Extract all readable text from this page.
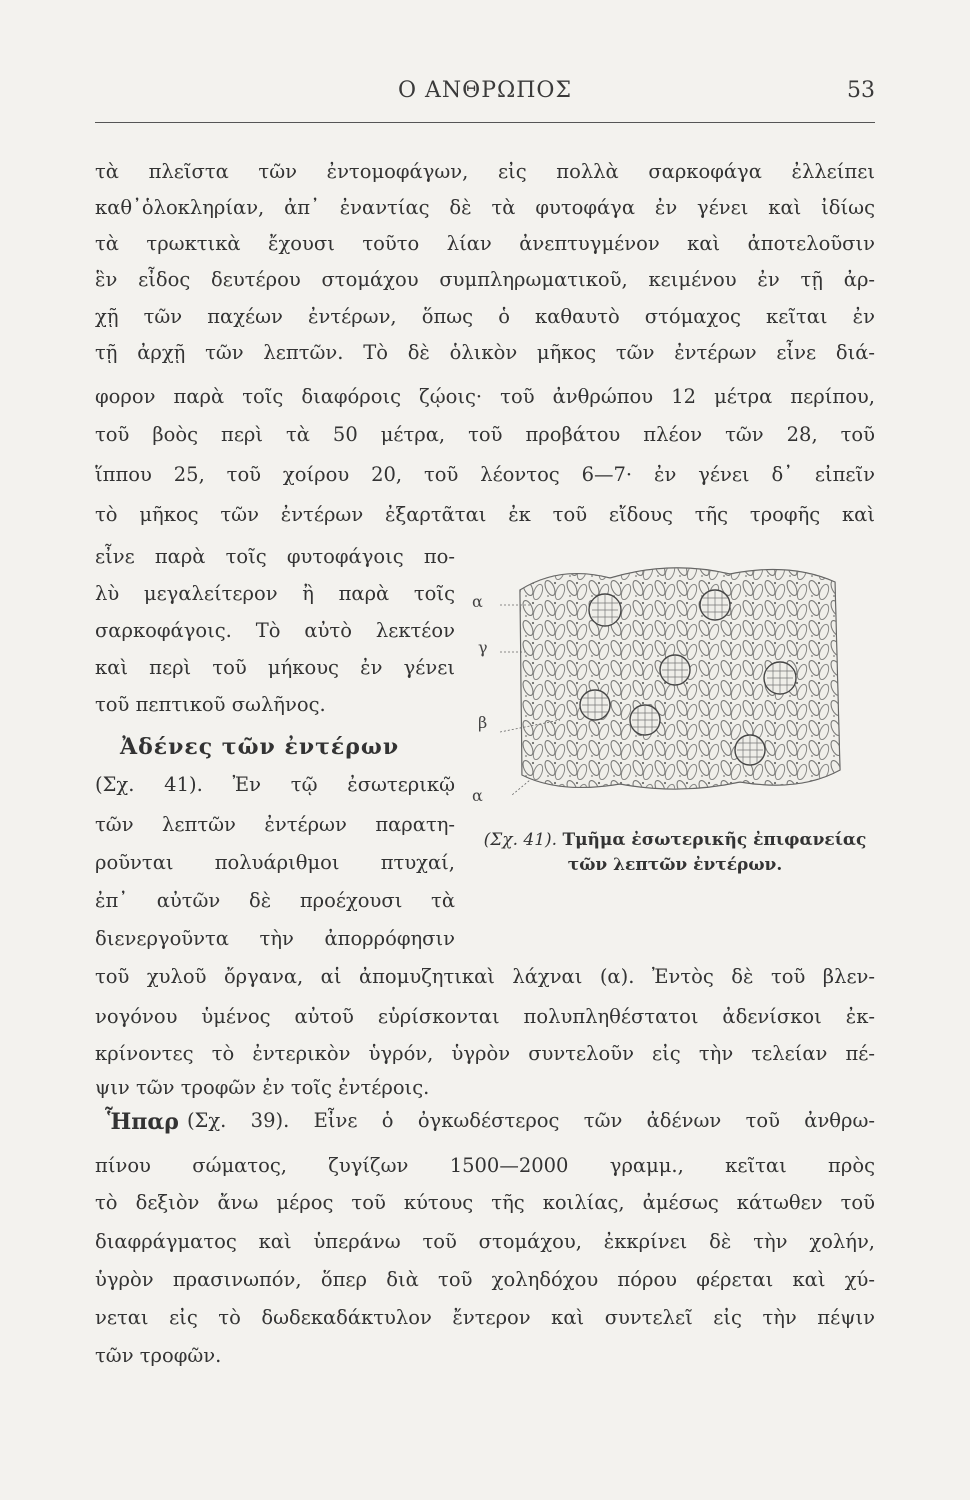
Ο ΑΝΘΡΩΠΟΣ	53
τὰ πλεῖστα τῶν ἐντομοφάγων, εἰς πολλὰ σαρκοφάγα ἐλλείπει
καθ᾽ὁλοκληρίαν, ἀπ᾽ ἐναντίας δὲ τὰ φυτοφάγα ἐν γένει καὶ ἰδίως
τὰ τρωκτικὰ ἔχουσι τοῦτο λίαν ἀνεπτυγμένον καὶ ἀποτελοῦσιν
ἓν εἶδος δευτέρου στομάχου συμπληρωματικοῦ, κειμένου ἐν τῇ ἀρ-
χῇ τῶν παχέων ἐντέρων, ὅπως ὁ καθαυτὸ στόμαχος κεῖται ἐν
τῇ ἀρχῇ τῶν λεπτῶν. Τὸ δὲ ὁλικὸν μῆκος τῶν ἐντέρων εἶνε διά-
φορον παρὰ τοῖς διαφόροις ζῴοις· τοῦ ἀνθρώπου 12 μέτρα περίπου,
τοῦ βοὸς περὶ τὰ 50 μέτρα, τοῦ προβάτου πλέον τῶν 28, τοῦ
ἵππου 25, τοῦ χοίρου 20, τοῦ λέοντος 6—7· ἐν γένει δ᾽ εἰπεῖν
τὸ μῆκος τῶν ἐντέρων ἐξαρτᾶται ἐκ τοῦ εἴδους τῆς τροφῆς καὶ
εἶνε παρὰ τοῖς φυτοφάγοις πο-
λὺ μεγαλείτερον ἢ παρὰ τοῖς
σαρκοφάγοις. Τὸ αὐτὸ λεκτέον
καὶ περὶ τοῦ μήκους ἐν γένει
τοῦ πεπτικοῦ σωλῆνος.
Ἀδένες τῶν ἐντέρων
(Σχ. 41). Ἐν τῷ ἐσωτερικῷ
τῶν λεπτῶν ἐντέρων παρατη-
ροῦνται πολυάριθμοι πτυχαί,
ἐπ᾽ αὐτῶν δὲ προέχουσι τὰ
διενεργοῦντα τὴν ἀπορρόφησιν
α
γ
β
α
(Σχ. 41). Τμῆμα ἐσωτερικῆς ἐπιφανείας τῶν λεπτῶν ἐντέρων.
τοῦ χυλοῦ ὄργανα, αἱ ἀπομυζητικαὶ λάχναι (α). Ἐντὸς δὲ τοῦ βλεν-
νογόνου ὑμένος αὐτοῦ εὑρίσκονται πολυπληθέστατοι ἀδενίσκοι ἐκ-
κρίνοντες τὸ ἐντερικὸν ὑγρόν, ὑγρὸν συντελοῦν εἰς τὴν τελείαν πέ-
ψιν τῶν τροφῶν ἐν τοῖς ἐντέροις.
Ἧπαρ (Σχ. 39). Εἶνε ὁ ὀγκωδέστερος τῶν ἀδένων τοῦ ἀνθρω-
πίνου σώματος, ζυγίζων 1500—2000 γραμμ., κεῖται πρὸς
τὸ δεξιὸν ἄνω μέρος τοῦ κύτους τῆς κοιλίας, ἀμέσως κάτωθεν τοῦ
διαφράγματος καὶ ὑπεράνω τοῦ στομάχου, ἐκκρίνει δὲ τὴν χολήν,
ὑγρὸν πρασινωπόν, ὅπερ διὰ τοῦ χοληδόχου πόρου φέρεται καὶ χύ-
νεται εἰς τὸ δωδεκαδάκτυλον ἔντερον καὶ συντελεῖ εἰς τὴν πέψιν
τῶν τροφῶν.
